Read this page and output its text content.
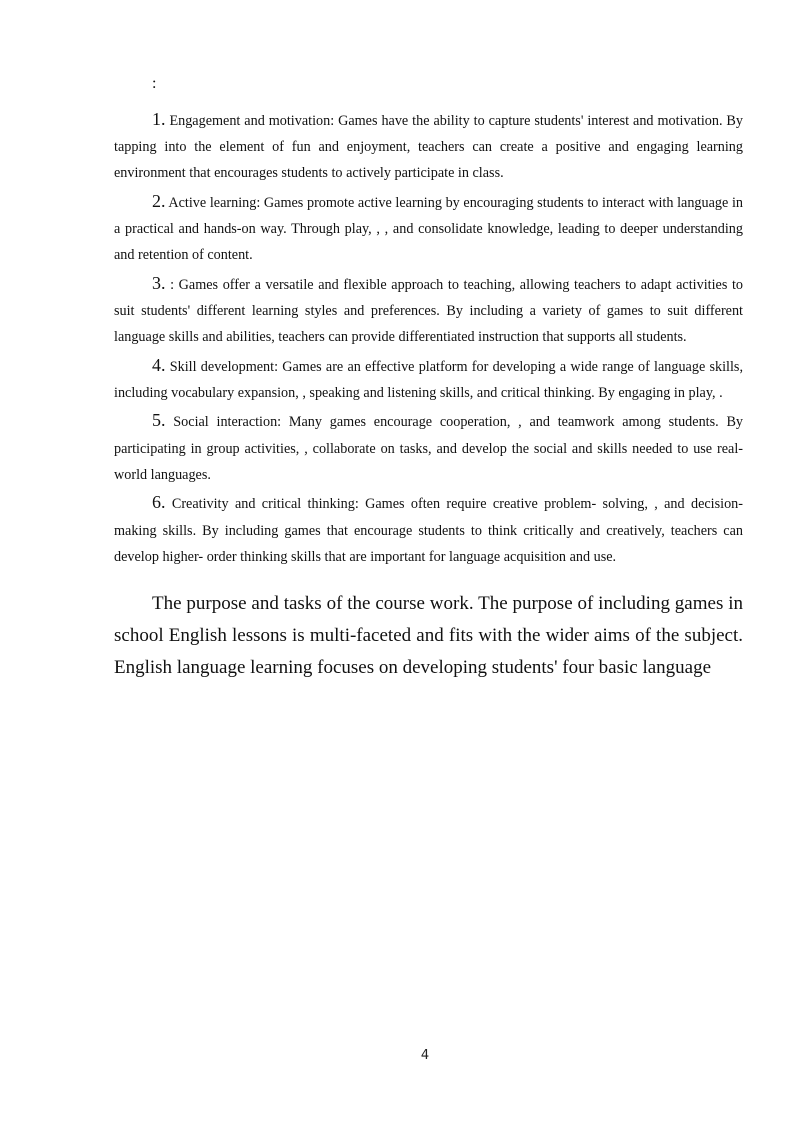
:

1. Engagement and motivation: Games have the ability to capture students' interest and motivation. By tapping into the element of fun and enjoyment, teachers can create a positive and engaging learning environment that encourages students to actively participate in class.

2. Active learning: Games promote active learning by encouraging students to interact with language in a practical and hands-on way. Through play, , , and consolidate knowledge, leading to deeper understanding and retention of content.

3. : Games offer a versatile and flexible approach to teaching, allowing teachers to adapt activities to suit students' different learning styles and preferences. By including a variety of games to suit different language skills and abilities, teachers can provide differentiated instruction that supports all students.

4. Skill development: Games are an effective platform for developing a wide range of language skills, including vocabulary expansion, , speaking and listening skills, and critical thinking. By engaging in play, .

5. Social interaction: Many games encourage cooperation, , and teamwork among students. By participating in group activities, , collaborate on tasks, and develop the social and skills needed to use real-world languages.

6. Creativity and critical thinking: Games often require creative problem- solving, , and decision-making skills. By including games that encourage students to think critically and creatively, teachers can develop higher- order thinking skills that are important for language acquisition and use.

The purpose and tasks of the course work. The purpose of including games in school English lessons is multi-faceted and fits with the wider aims of the subject. English language learning focuses on developing students' four basic language

4
